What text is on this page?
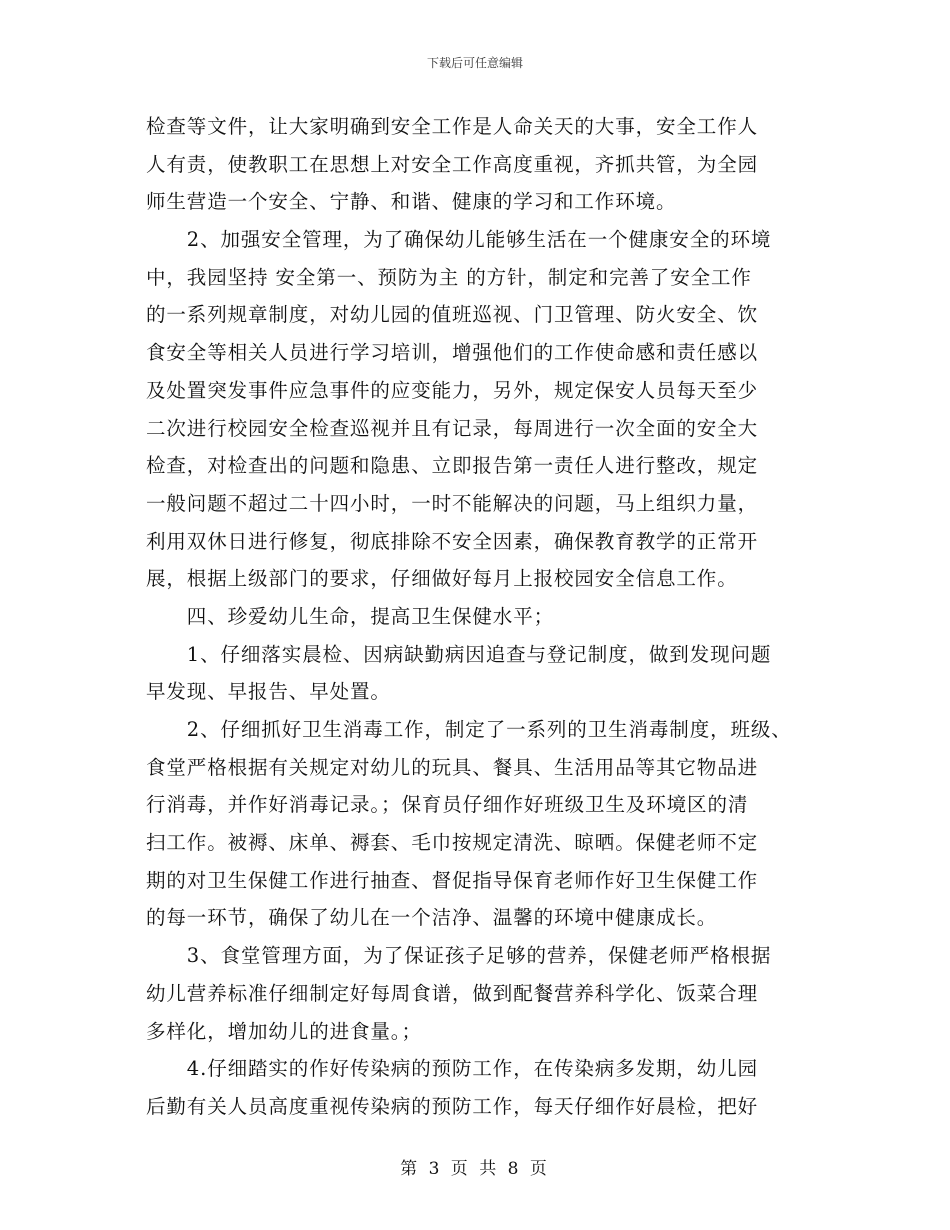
下载后可任意编辑
检查等文件，让大家明确到安全工作是人命关天的大事，安全工作人
人有责，使教职工在思想上对安全工作高度重视，齐抓共管，为全园
师生营造一个安全、宁静、和谐、健康的学习和工作环境。
　　2、加强安全管理，为了确保幼儿能够生活在一个健康安全的环境
中，我园坚持 安全第一、预防为主 的方针，制定和完善了安全工作
的一系列规章制度，对幼儿园的值班巡视、门卫管理、防火安全、饮
食安全等相关人员进行学习培训，增强他们的工作使命感和责任感以
及处置突发事件应急事件的应变能力，另外，规定保安人员每天至少
二次进行校园安全检查巡视并且有记录，每周进行一次全面的安全大
检查，对检查出的问题和隐患、立即报告第一责任人进行整改，规定
一般问题不超过二十四小时，一时不能解决的问题，马上组织力量，
利用双休日进行修复，彻底排除不安全因素，确保教育教学的正常开
展，根据上级部门的要求，仔细做好每月上报校园安全信息工作。
　　四、珍爱幼儿生命，提高卫生保健水平；
　　1、仔细落实晨检、因病缺勤病因追查与登记制度，做到发现问题
早发现、早报告、早处置。
　　2、仔细抓好卫生消毒工作，制定了一系列的卫生消毒制度，班级、
食堂严格根据有关规定对幼儿的玩具、餐具、生活用品等其它物品进
行消毒，并作好消毒记录。；保育员仔细作好班级卫生及环境区的清
扫工作。被褥、床单、褥套、毛巾按规定清洗、晾晒。保健老师不定
期的对卫生保健工作进行抽查、督促指导保育老师作好卫生保健工作
的每一环节，确保了幼儿在一个洁净、温馨的环境中健康成长。
　　3、食堂管理方面，为了保证孩子足够的营养，保健老师严格根据
幼儿营养标准仔细制定好每周食谱，做到配餐营养科学化、饭菜合理
多样化，增加幼儿的进食量。；
　　4.仔细踏实的作好传染病的预防工作，在传染病多发期，幼儿园
后勤有关人员高度重视传染病的预防工作，每天仔细作好晨检，把好
第 3 页 共 8 页
